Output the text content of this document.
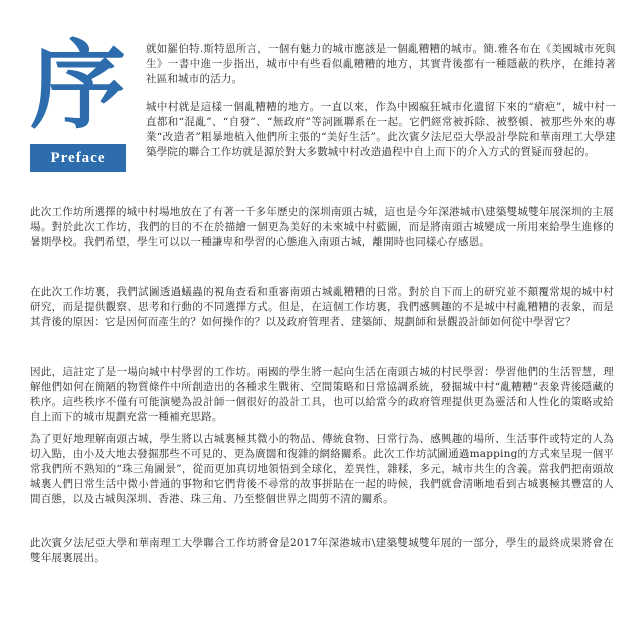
序
Preface

就如羅伯特.斯特恩所言，一個有魅力的城市應該是一個亂糟糟的城市。簡.雅各布在《美國城市死與生》一書中進一步指出，城市中有些看似亂糟糟的地方，其實背後都有一種隱蔽的秩序，在維持著社區和城市的活力。

城中村就是這樣一個亂糟糟的地方。一直以來，作為中國瘋狂城市化遺留下來的“瘡疤”，城中村一直都和“混亂”、“自發”、“無政府”等詞匯聯系在一起。它們經常被拆除、被整頓、被那些外來的專業“改造者”粗暴地植入他們所主張的“美好生活”。此次賓夕法尼亞大學設計學院和華南理工大學建築學院的聯合工作坊就是源於對大多數城中村改造過程中自上而下的介入方式的質疑而發起的。

此次工作坊所選擇的城中村場地放在了有著一千多年歷史的深圳南頭古城，這也是今年深港城市\建築雙城雙年展深圳的主展場。對於此次工作坊，我們的目的不在於描繪一個更為美好的未來城中村藍圖，而是將南頭古城變成一所用來給學生進修的暑期學校。我們希望，學生可以以一種謙卑和學習的心態進入南頭古城，離開時也同樣心存感恩。

在此次工作坊裏，我們試圖透過蟻蟲的視角查看和重審南頭古城亂糟糟的日常。對於自下而上的研究並不顛覆常規的城中村研究，而是提供觀察、思考和行動的不同選擇方式。但是，在這個工作坊裏，我們感興趣的不是城中村亂糟糟的表象，而是其背後的原因：它是因何而產生的？如何操作的？以及政府管理者、建築師、規劃師和景觀設計師如何從中學習它？

因此，這註定了是一場向城中村學習的工作坊。兩國的學生將一起向生活在南頭古城的村民學習：學習他們的生活智慧，理解他們如何在簡陋的物質條件中所創造出的各種求生戰術、空間策略和日常協調系統，發掘城中村“亂糟糟”表象背後隱藏的秩序。這些秩序不僅有可能演變為設計師一個很好的設計工具，也可以給當今的政府管理提供更為靈活和人性化的策略或給自上而下的城市規劃充當一種補充思路。

為了更好地理解南頭古城，學生將以古城裏極其微小的物品、傳統食物、日常行為、感興趣的場所、生活事件或特定的人為切入點，由小及大地去發掘那些不可見的、更為廣闊和復雜的網絡關系。此次工作坊試圖通過mapping的方式來呈現一個平常我們所不熟知的“珠三角圖景”，從而更加真切地領悟到全球化，差異性，雜糅，多元，城市共生的含義。當我們把南頭故城裏人們日常生活中微小普通的事物和它們背後不尋常的故事拼貼在一起的時候，我們就會清晰地看到古城裏極其豐富的人間百態，以及古城與深圳、香港、珠三角、乃至整個世界之間剪不清的關系。

此次賓夕法尼亞大學和華南理工大學聯合工作坊將會是2017年深港城市\建築雙城雙年展的一部分，學生的最終成果將會在雙年展裏展出。
